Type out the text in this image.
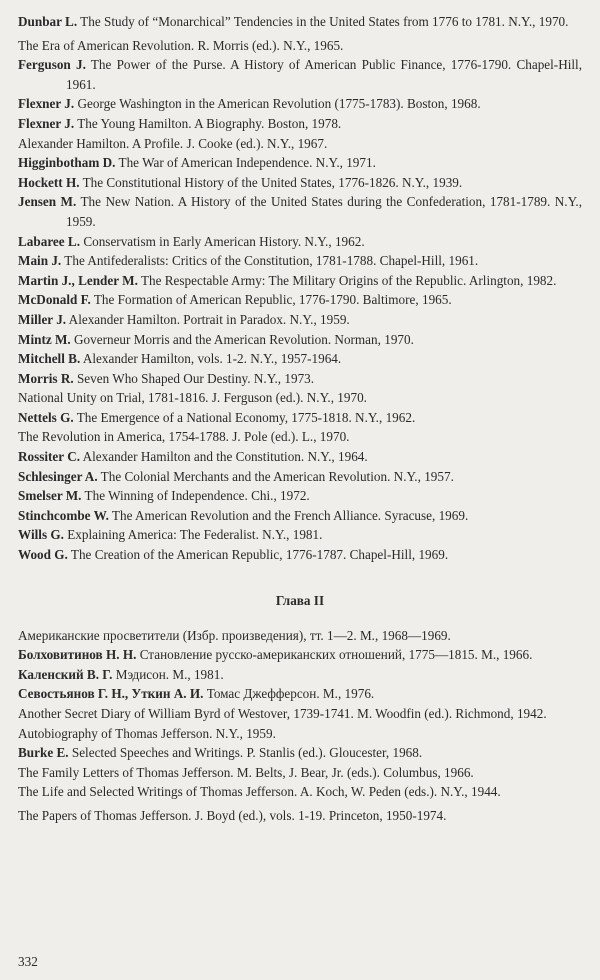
Dunbar L. The Study of “Monarchical” Tendencies in the United States from 1776 to 1781. N.Y., 1970.

The Era of American Revolution. R. Morris (ed.). N.Y., 1965.

Ferguson J. The Power of the Purse. A History of American Public Finance, 1776-1790. Chapel-Hill, 1961.

Flexner J. George Washington in the American Revolution (1775-1783). Boston, 1968.

Flexner J. The Young Hamilton. A Biography. Boston, 1978.

Alexander Hamilton. A Profile. J. Cooke (ed.). N.Y., 1967.

Higginbotham D. The War of American Independence. N.Y., 1971.

Hockett H. The Constitutional History of the United States, 1776-1826. N.Y., 1939.

Jensen M. The New Nation. A History of the United States during the Confederation, 1781-1789. N.Y., 1959.

Labaree L. Conservatism in Early American History. N.Y., 1962.

Main J. The Antifederalists: Critics of the Constitution, 1781-1788. Chapel-Hill, 1961.

Martin J., Lender M. The Respectable Army: The Military Origins of the Republic. Arlington, 1982.

McDonald F. The Formation of American Republic, 1776-1790. Baltimore, 1965.

Miller J. Alexander Hamilton. Portrait in Paradox. N.Y., 1959.

Mintz M. Governeur Morris and the American Revolution. Norman, 1970.

Mitchell B. Alexander Hamilton, vols. 1-2. N.Y., 1957-1964.

Morris R. Seven Who Shaped Our Destiny. N.Y., 1973.

National Unity on Trial, 1781-1816. J. Ferguson (ed.). N.Y., 1970.

Nettels G. The Emergence of a National Economy, 1775-1818. N.Y., 1962.

The Revolution in America, 1754-1788. J. Pole (ed.). L., 1970.

Rossiter C. Alexander Hamilton and the Constitution. N.Y., 1964.

Schlesinger A. The Colonial Merchants and the American Revolution. N.Y., 1957.

Smelser M. The Winning of Independence. Chi., 1972.

Stinchcombe W. The American Revolution and the French Alliance. Syracuse, 1969.

Wills G. Explaining America: The Federalist. N.Y., 1981.

Wood G. The Creation of the American Republic, 1776-1787. Chapel-Hill, 1969.

Глава II

Американские просветители (Избр. произведения), тт. 1—2. М., 1968—1969.

Болховитинов Н. Н. Становление русско-американских отношений, 1775—1815. М., 1966.

Каленский В. Г. Мэдисон. М., 1981.

Севостьянов Г. Н., Уткин А. И. Томас Джефферсон. М., 1976.

Another Secret Diary of William Byrd of Westover, 1739-1741. M. Woodfin (ed.). Richmond, 1942.

Autobiography of Thomas Jefferson. N.Y., 1959.

Burke E. Selected Speeches and Writings. P. Stanlis (ed.). Gloucester, 1968.

The Family Letters of Thomas Jefferson. M. Belts, J. Bear, Jr. (eds.). Columbus, 1966.

The Life and Selected Writings of Thomas Jefferson. A. Koch, W. Peden (eds.). N.Y., 1944.

The Papers of Thomas Jefferson. J. Boyd (ed.), vols. 1-19. Princeton, 1950-1974.

332
